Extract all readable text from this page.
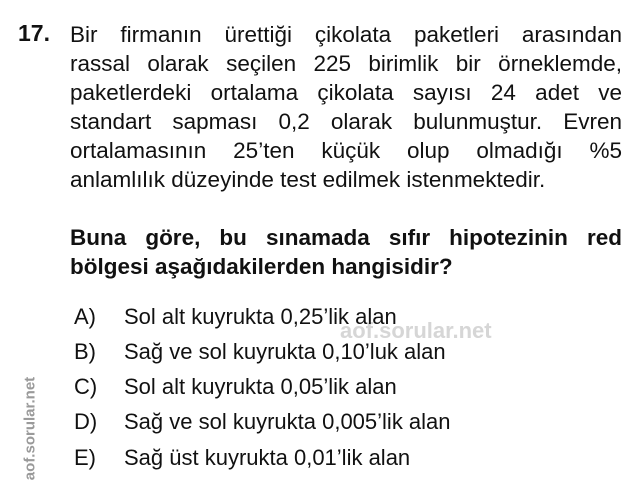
17. Bir firmanın ürettiği çikolata paketleri arasından
rassal olarak seçilen 225 birimlik bir örneklemde,
paketlerdeki ortalama çikolata sayısı 24 adet ve
standart sapması 0,2 olarak bulunmuştur. Evren
ortalamasının 25’ten küçük olup olmadığı %5
anlamlılık düzeyinde test edilmek istenmektedir.
Buna göre, bu sınamada sıfır hipotezinin red
bölgesi aşağıdakilerden hangisidir?
aof.sorular.net
A) Sol alt kuyrukta 0,25’lik alan
B) Sağ ve sol kuyrukta 0,10’luk alan
C) Sol alt kuyrukta 0,05’lik alan
D) Sağ ve sol kuyrukta 0,005’lik alan
E) Sağ üst kuyrukta 0,01’lik alan
aof.sorular.net
